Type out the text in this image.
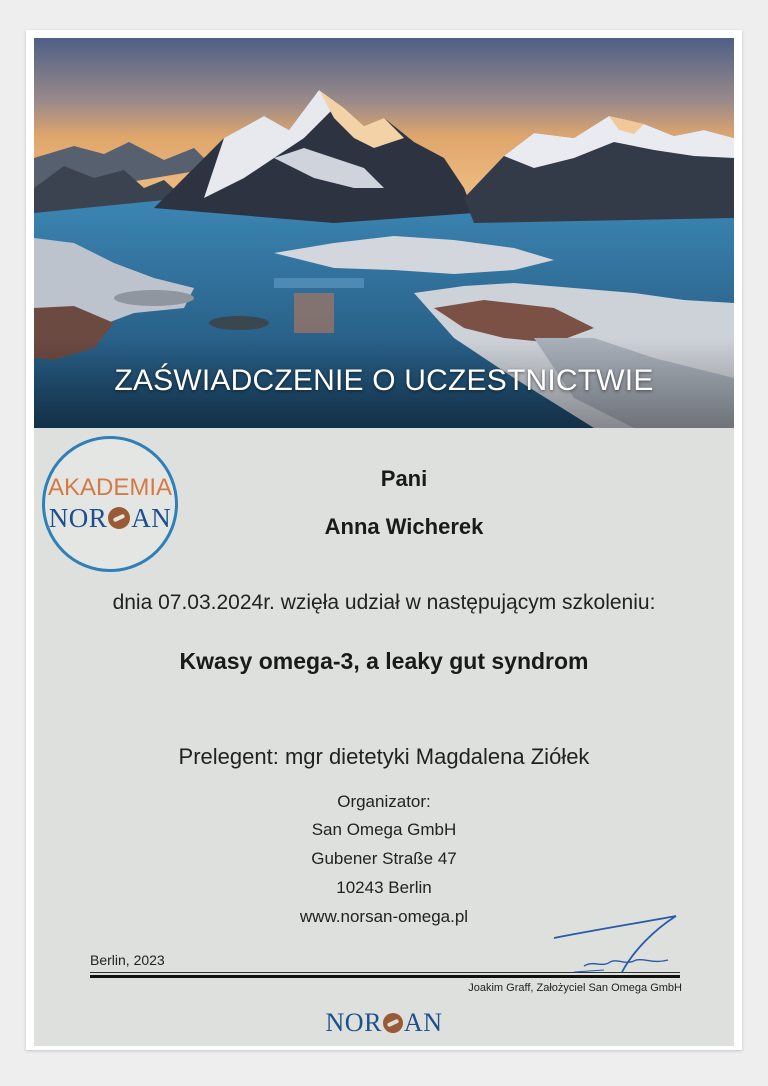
ZAŚWIADCZENIE O UCZESTNICTWIE
AKADEMIA
NOR AN
Pani
Anna Wicherek
dnia 07.03.2024r. wzięła udział w następującym szkoleniu:
Kwasy omega-3, a leaky gut syndrom
Prelegent: mgr dietetyki Magdalena Ziółek
Organizator:
San Omega GmbH
Gubener Straße 47
10243 Berlin
www.norsan-omega.pl
Berlin, 2023
Joakim Graff, Założyciel San Omega GmbH
NOR AN
